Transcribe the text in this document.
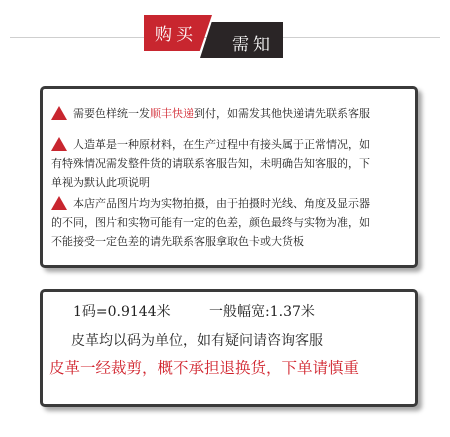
购买	需知
需要色样统一发顺丰快递到付，如需发其他快递请先联系客服
人造革是一种原材料，在生产过程中有接头属于正常情况，如
有特殊情况需发整件货的请联系客服告知，未明确告知客服的，下
单视为默认此项说明
本店产品图片均为实物拍摄，由于拍摄时光线、角度及显示器
的不同，图片和实物可能有一定的色差，颜色最终与实物为准，如
不能接受一定色差的请先联系客服拿取色卡或大货板
1码=0.9144米	一般幅宽:1.37米
皮革均以码为单位，如有疑问请咨询客服
皮革一经裁剪，概不承担退换货，下单请慎重
